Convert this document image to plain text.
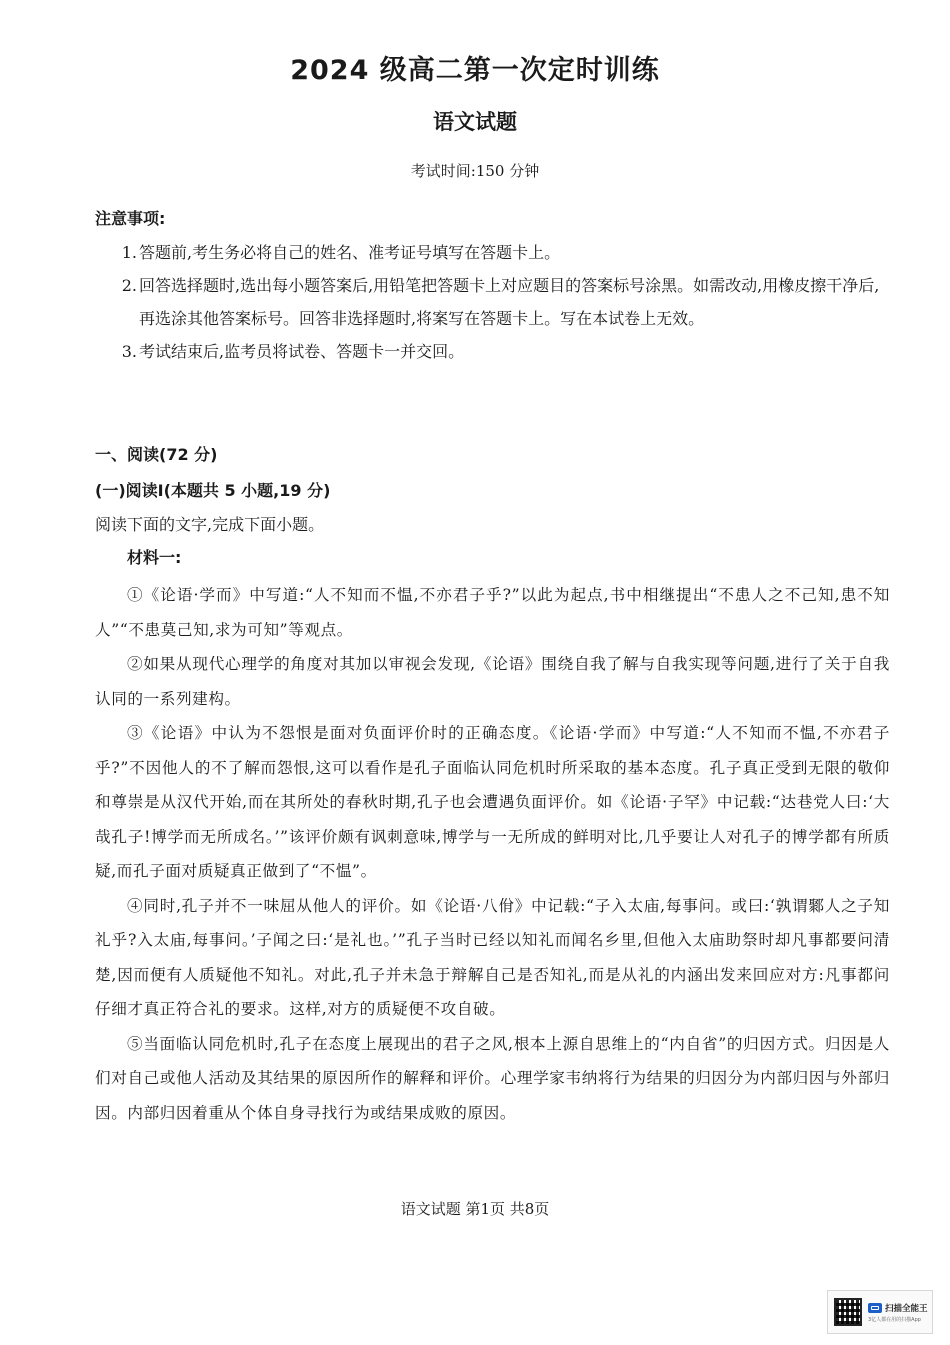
2024 级高二第一次定时训练
语文试题
考试时间:150 分钟
注意事项:
1. 答题前,考生务必将自己的姓名、准考证号填写在答题卡上。
2. 回答选择题时,选出每小题答案后,用铅笔把答题卡上对应题目的答案标号涂黑。如需改动,用橡皮擦干净后,再选涂其他答案标号。回答非选择题时,将案写在答题卡上。写在本试卷上无效。
3. 考试结束后,监考员将试卷、答题卡一并交回。
一、阅读(72 分)
(一)阅读Ⅰ(本题共 5 小题,19 分)
阅读下面的文字,完成下面小题。
材料一:

①《论语·学而》中写道:“人不知而不愠,不亦君子乎?”以此为起点,书中相继提出“不患人之不己知,患不知人”“不患莫己知,求为可知”等观点。

②如果从现代心理学的角度对其加以审视会发现,《论语》围绕自我了解与自我实现等问题,进行了关于自我认同的一系列建构。

③《论语》中认为不怨恨是面对负面评价时的正确态度。《论语·学而》中写道:“人不知而不愠,不亦君子乎?”不因他人的不了解而怨恨,这可以看作是孔子面临认同危机时所采取的基本态度。孔子真正受到无限的敬仰和尊崇是从汉代开始,而在其所处的春秋时期,孔子也会遭遇负面评价。如《论语·子罕》中记载:“达巷党人曰:‘大哉孔子!博学而无所成名。’”该评价颇有讽刺意味,博学与一无所成的鲜明对比,几乎要让人对孔子的博学都有所质疑,而孔子面对质疑真正做到了“不愠”。

④同时,孔子并不一味屈从他人的评价。如《论语·八佾》中记载:“子入太庙,每事问。或曰:‘孰谓鄹人之子知礼乎?入太庙,每事问。’子闻之曰:‘是礼也。’”孔子当时已经以知礼而闻名乡里,但他入太庙助祭时却凡事都要问清楚,因而便有人质疑他不知礼。对此,孔子并未急于辩解自己是否知礼,而是从礼的内涵出发来回应对方:凡事都问仔细才真正符合礼的要求。这样,对方的质疑便不攻自破。

⑤当面临认同危机时,孔子在态度上展现出的君子之风,根本上源自思维上的“内自省”的归因方式。归因是人们对自己或他人活动及其结果的原因所作的解释和评价。心理学家韦纳将行为结果的归因分为内部归因与外部归因。内部归因着重从个体自身寻找行为或结果成败的原因。

语文试题 第1页 共8页
扫描全能王
3亿人都在用的扫描App
